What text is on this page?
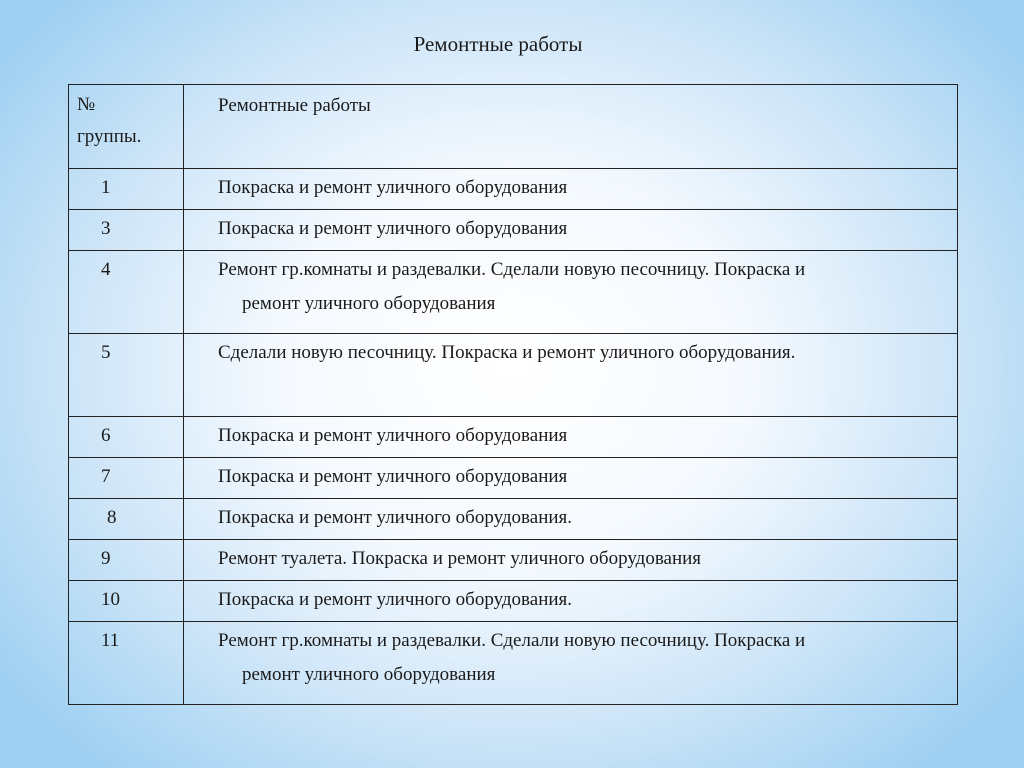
Ремонтные работы
№
группы.	Ремонтные работы

1	Покраска и ремонт уличного оборудования

3	Покраска и ремонт уличного оборудования

4	Ремонт гр.комнаты и раздевалки. Сделали новую песочницу. Покраска и
ремонт уличного оборудования

5	Сделали новую песочницу. Покраска и ремонт уличного оборудования.

6	Покраска и ремонт уличного оборудования

7	Покраска и ремонт уличного оборудования

8	Покраска и ремонт уличного оборудования.

9	Ремонт туалета. Покраска и ремонт уличного оборудования

10	Покраска и ремонт уличного оборудования.

11	Ремонт гр.комнаты и раздевалки. Сделали новую песочницу. Покраска и
ремонт уличного оборудования
